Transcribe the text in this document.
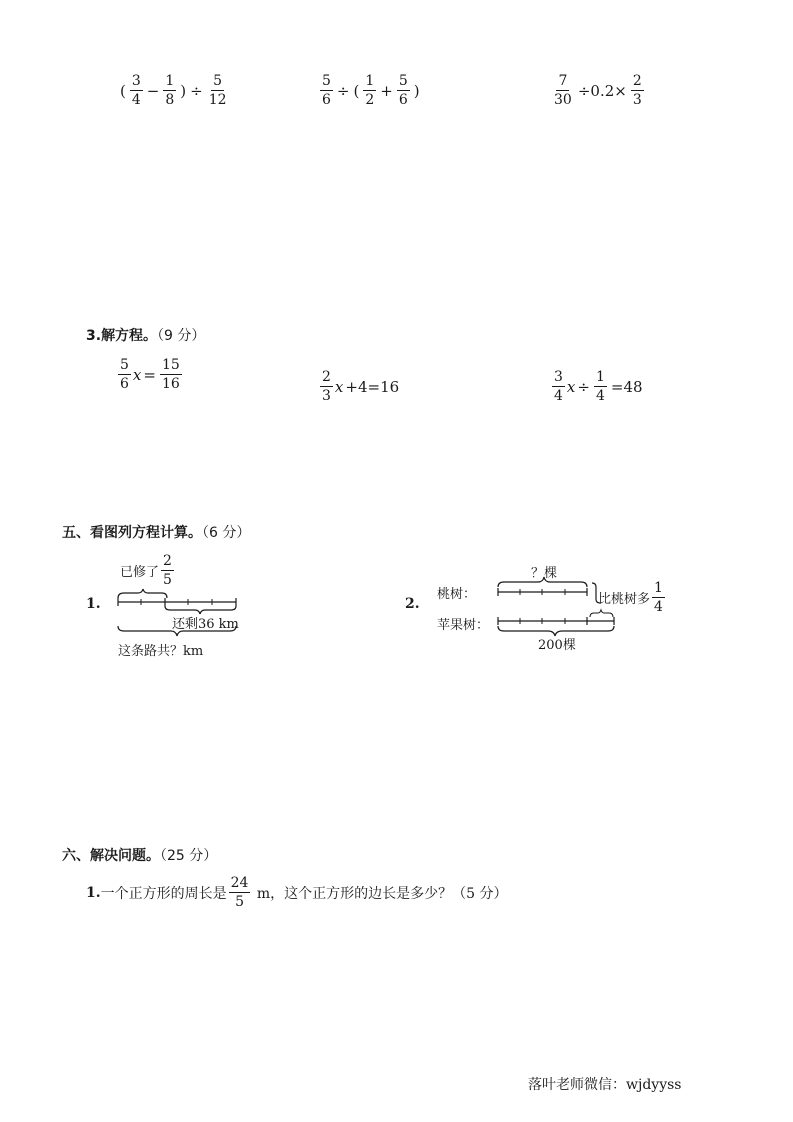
( $\frac{3}{4} - \frac{1}{8}$ ) ÷ $\frac{5}{12}$	$\frac{5}{6}$ ÷ ( $\frac{1}{2} + \frac{5}{6}$ )	$\frac{7}{30} \div 0.2\times \frac{2}{3}$
3.解方程。（9 分）
$\frac{5}{6}$ $x = \frac{15}{16}$	$\frac{2}{3}$ x +4=16	$\frac{3}{4}$ $x \div \frac{1}{4} =48$
五、看图列方程计算。（6 分）
1.
已修了 $\frac{2}{5}$
还剩36 km
这条路共？km
2.
？棵
桃树：
苹果树：
比桃树多 $\frac{1}{4}$
200棵
六、解决问题。（25 分）
1. 一个正方形的周长是 $\frac{24}{5}$ m，这个正方形的边长是多少？（5 分）
落叶老师微信：wjdyyss
